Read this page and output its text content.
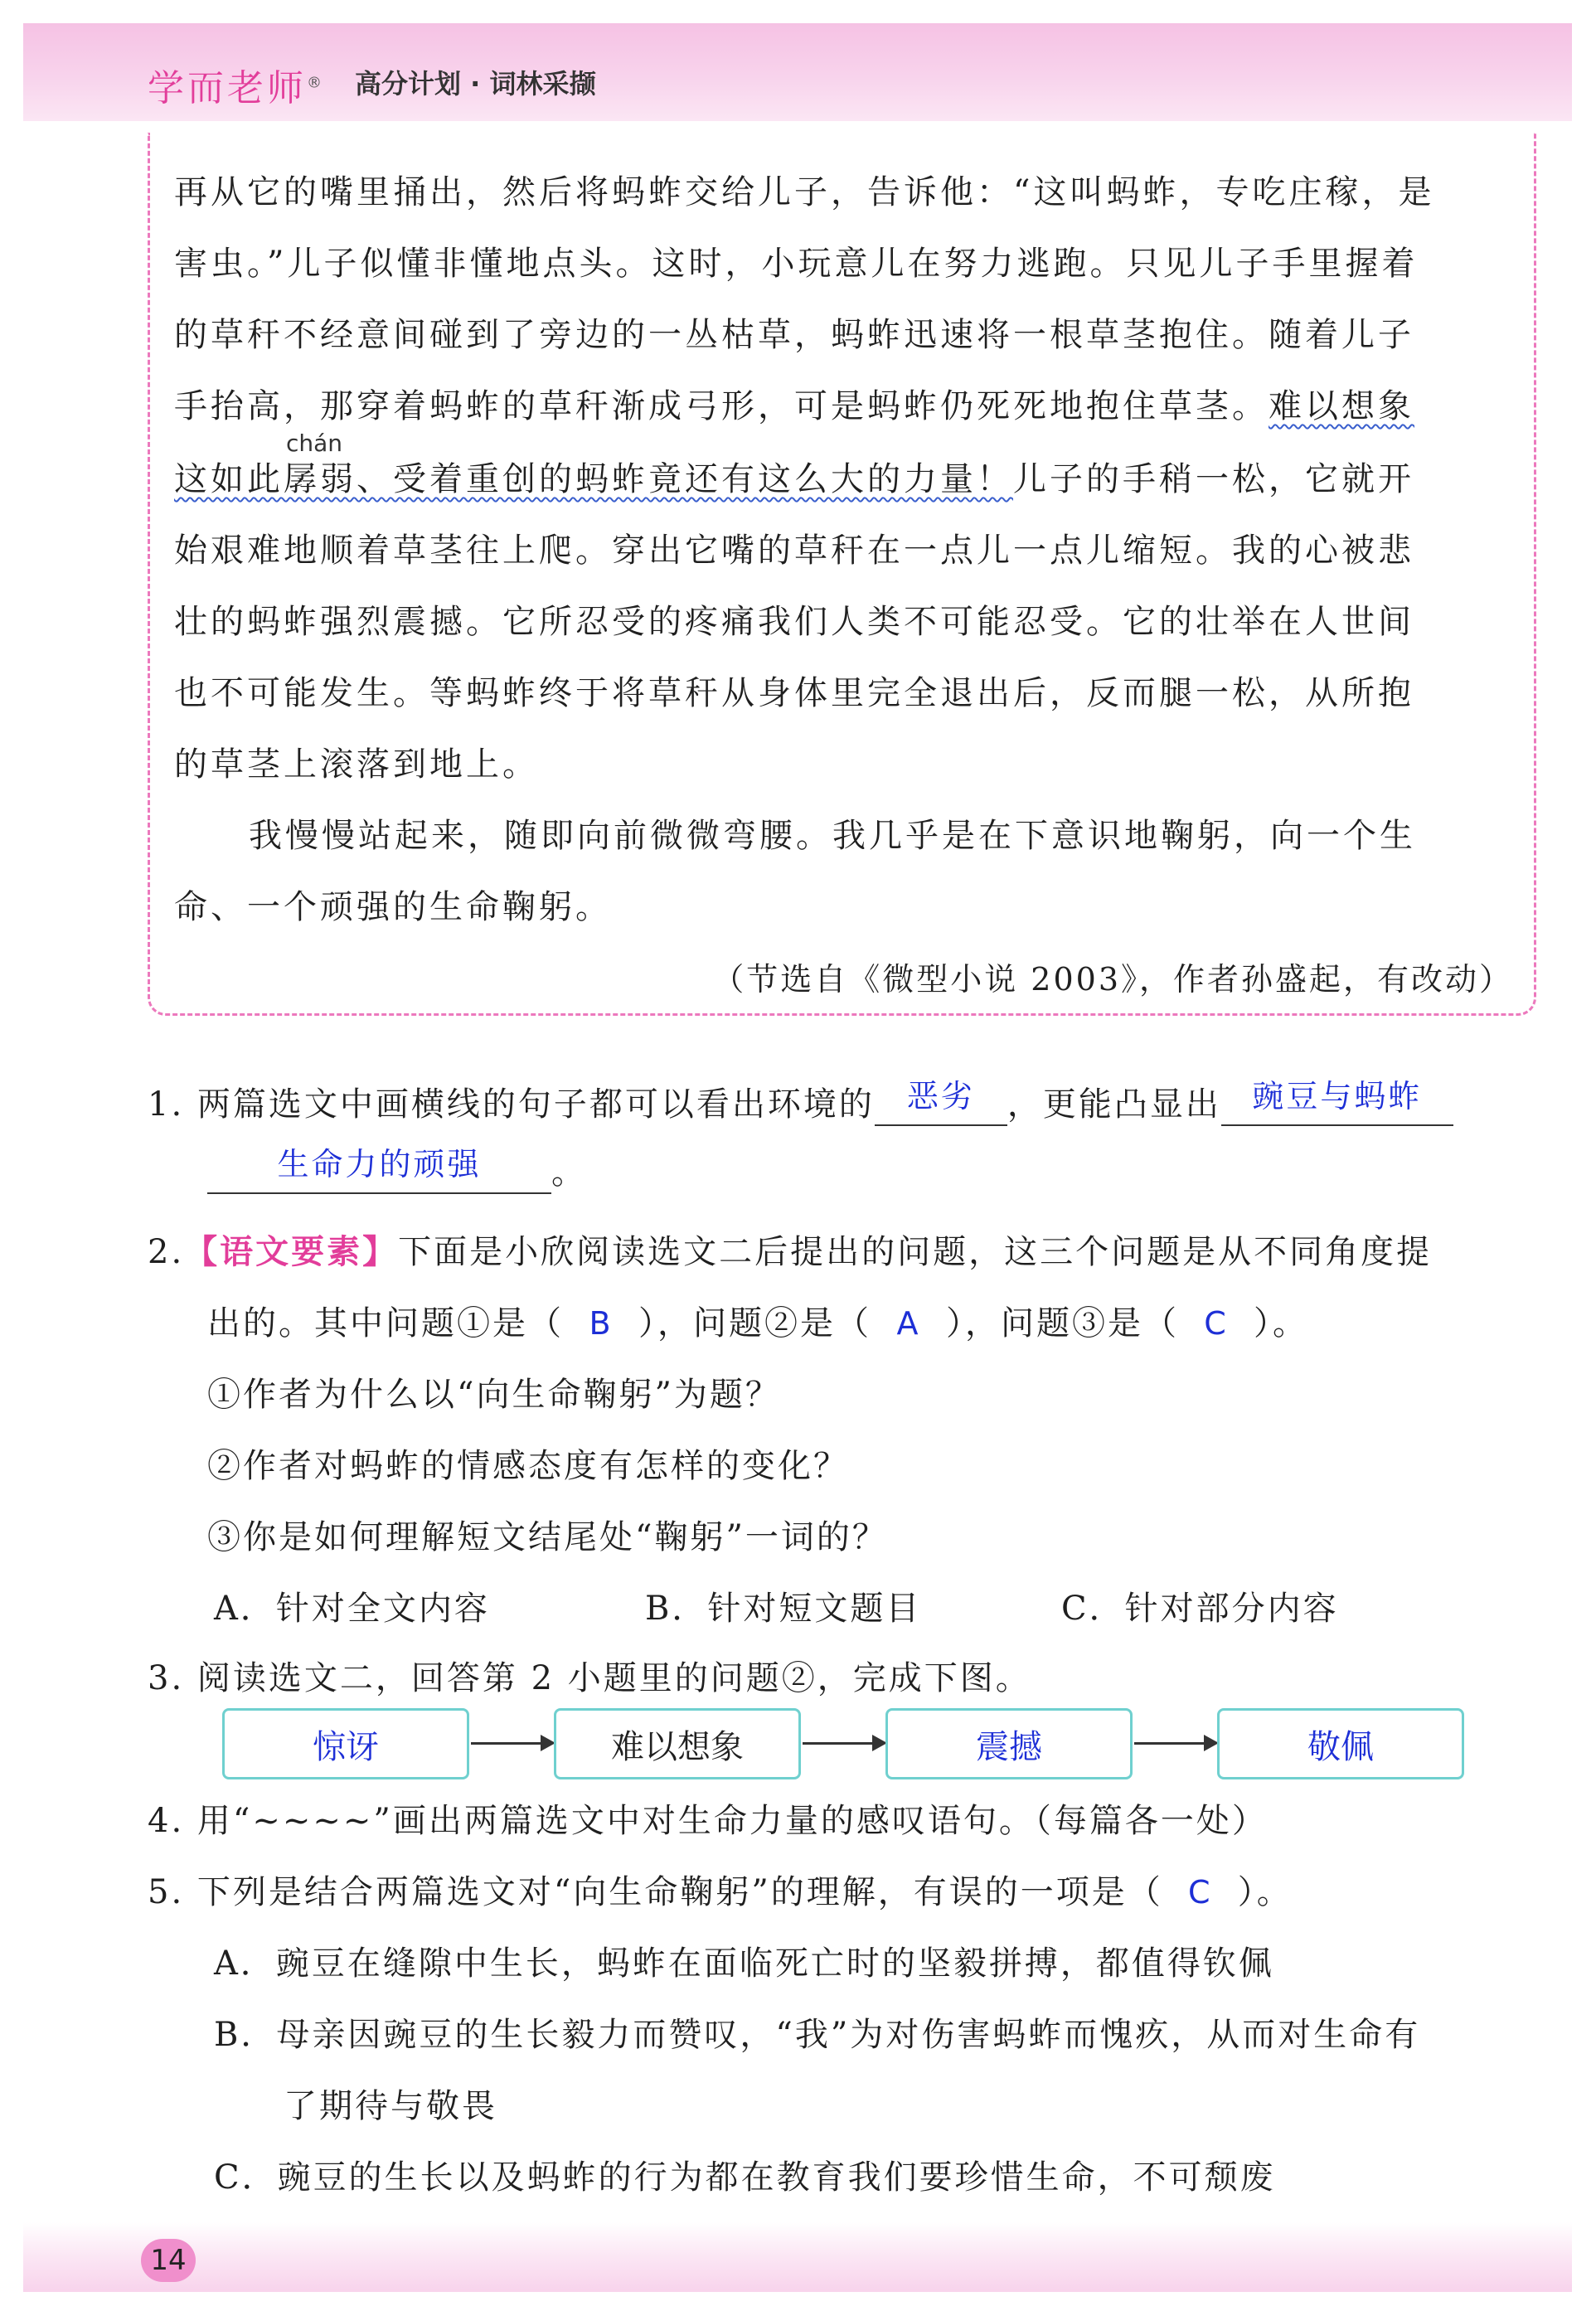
学而老师® 高分计划 · 词林采撷
再从它的嘴里捅出，然后将蚂蚱交给儿子，告诉他：“这叫蚂蚱，专吃庄稼，是
害虫。”儿子似懂非懂地点头。这时，小玩意儿在努力逃跑。只见儿子手里握着
的草秆不经意间碰到了旁边的一丛枯草，蚂蚱迅速将一根草茎抱住。随着儿子
手抬高，那穿着蚂蚱的草秆渐成弓形，可是蚂蚱仍死死地抱住草茎。难以想象
chán
这如此孱弱、受着重创的蚂蚱竟还有这么大的力量！儿子的手稍一松，它就开
始艰难地顺着草茎往上爬。穿出它嘴的草秆在一点儿一点儿缩短。我的心被悲
壮的蚂蚱强烈震撼。它所忍受的疼痛我们人类不可能忍受。它的壮举在人世间
也不可能发生。等蚂蚱终于将草秆从身体里完全退出后，反而腿一松，从所抱
的草茎上滚落到地上。
我慢慢站起来，随即向前微微弯腰。我几乎是在下意识地鞠躬，向一个生
命、一个顽强的生命鞠躬。
（节选自《微型小说 2003》，作者孙盛起，有改动）
1. 两篇选文中画横线的句子都可以看出环境的 恶劣 ，更能凸显出 豌豆与蚂蚱
生命力的顽强 。
2.【语文要素】下面是小欣阅读选文二后提出的问题，这三个问题是从不同角度提
出的。其中问题①是（ B ），问题②是（ A ），问题③是（ C ）。
①作者为什么以“向生命鞠躬”为题？
②作者对蚂蚱的情感态度有怎样的变化？
③你是如何理解短文结尾处“鞠躬”一词的？
A．针对全文内容	B．针对短文题目	C．针对部分内容
3. 阅读选文二，回答第 2 小题里的问题②，完成下图。
惊讶	难以想象	震撼	敬佩
4. 用“~~~~”画出两篇选文中对生命力量的感叹语句。（每篇各一处）
5. 下列是结合两篇选文对“向生命鞠躬”的理解，有误的一项是（ C ）。
A．豌豆在缝隙中生长，蚂蚱在面临死亡时的坚毅拼搏，都值得钦佩
B．母亲因豌豆的生长毅力而赞叹，“我”为对伤害蚂蚱而愧疚，从而对生命有
了期待与敬畏
C．豌豆的生长以及蚂蚱的行为都在教育我们要珍惜生命，不可颓废
14
